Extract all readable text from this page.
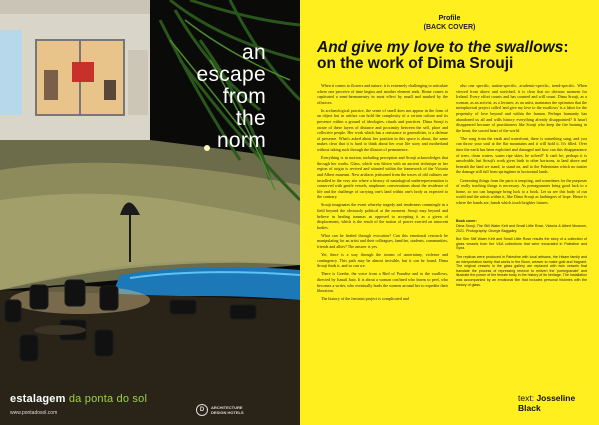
an
escape
from
the
norm
estalagem da ponta do sol
www.pontadosol.com
D	ARCHITECTURE
DESIGN HOTELS
Profile
(BACK COVER)
And give my love to the swallows:
on the work of Dima Srouji

When it comes to flowers and nature, it is extremely challenging to articulate where one perceive of time begins and another element ends. Home comes to captivated a semi-hermaneutry in most effect by small and marked by the offactors.

In archaeological practice, the sense of smell does not appear in the form of an object but in artifact can hold the complexity of a certain culture and its presence within a ground of ideologies, rituals and practices. Dima Srouji is aware of these layers of distance and proximity between the self, place and collective people. Her work which has a resistance to generalities, is a defense of presence. What's asked about her position in this space is about, the same makes clear that it is hard to think about her own life story and motherland without taking such through the illusion of permanence.

Everything is in motion, including perception and Srouji acknowledges that through her works. Glass, which was blown with an ancient technique in her region of origin is revived and situated within the framework of the Victoria and Albert museum. New artifacts jettisoned from the traces of old cultures are installed in the very site where a history of nastalogical underrepresentation is conserved with gentle vessels, amphorae, conversations about the residence of life and the challenge of carrying one's land within one's body as expected to the contrary.

Srouji imaginates the event whereby tragedy and tenderness commingle in a field beyond the obviously political at the moment. Srouji may beyond and believe in healing traumas as opposed to accepting it as a given of displacement, which is the result of the notion of power exerted on innocent bodies.

What can be healed through evocation? Can this emotional research be manipulating for an artist and their colleagues, families, students, communities, friends and allies? The answer is yes.

Yet, there is a way through the storms of uncertainty, violence and contingency. This path may be almost invisible, but it can be found. Dima Srouji finds it, and so can we.

There is Goethe, the voice from a Bird of Paradise and to the swallows, directed by Ismail Jasir. It is about a woman confined who learns to peel, who becomes a writer, who eventually leads the women around her to expedite their liberation.

The history of the feminist project is complicated and

also one specific, nation-specific, academic-specific, trend-specific. When viewed from above and stretched, it is clear that no obvious moment for Ireland. Every effort counts and has counted and will count. Dima Srouji, as a woman, as an activist, as a lecturer, as an artist, maintains the optimism that the metaphorical project called 'and give my love to the swallows' is a labor for the perpetuity of love beyond and within the human. Perhaps humanity has abandoned us all and wills history everything already disappointed? It hasn't disappeared because of practitioners like Srouji who keep the fire burning in the heart, the sacred heart of the world.

'The song from the earth and waterfront, there is something sung, and you can throw your soul at the flat mountains and it will hold it. It's filled. Over time the earth has been exploited and damaged and how can this disappearance of trees, clean waters, warm ripe skies, be solved?' It can't be; perhaps it is unsolvable, but Srouji's work gives birth to other horizons, to land above and beneath the land we stand, to stand on, and to the Palestinian which no matter the damage still full from springtime in horizontal lands.

Generating things from the parts is tempting, and sometimes for the purposes of really teaching things is necessary. As pomegranates bring good luck to a home, so too can language bring luck to a book. Let us see this body of our world and the artists within it, like Dima Srouji as harbingers of hope. Hence is where the hands are, hands which touch brighter futures.

Book cover:
Dima Srouji, The Still Water Kett and Small Little Rose, Victoria & Albert Museum, 2021. Photography: George Baggaley.

But She Still Water Kett and Small Little Rose results the story of a collection of glass vessels from the V&A collections that were excavated in Palestine and Syria.

The replicas were produced in Palestine with local artisans, the Hisam family and an interpretation family that works in the Boun, weaver to make gold and fragrant. The original vessels in the glass gallery are replaced with twin vessels that translate the process of repressing remove to enliven the 'pomegranate' and illustrate the power of the female body in the history of its heritage. The installation was accompanied by an emotional film that includes personal histories with the history of glass.

text: Josseline Black
